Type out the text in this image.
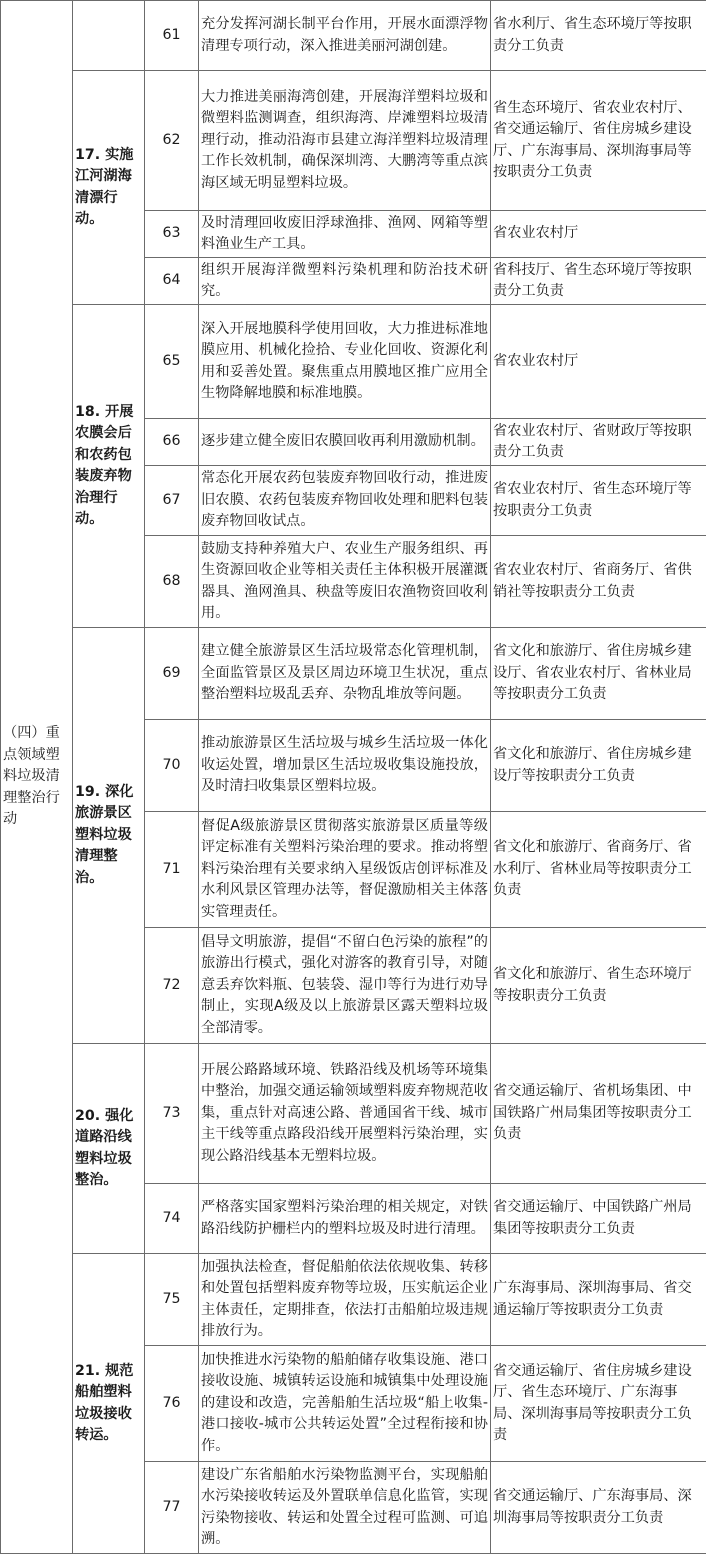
（四）重点领域塑料垃圾清理整治行动		61	充分发挥河湖长制平台作用，开展水面漂浮物清理专项行动，深入推进美丽河湖创建。	省水利厅、省生态环境厅等按职责分工负责
	17. 实施江河湖海清漂行动。	62	大力推进美丽海湾创建，开展海洋塑料垃圾和微塑料监测调查，组织海湾、岸滩塑料垃圾清理行动，推动沿海市县建立海洋塑料垃圾清理工作长效机制，确保深圳湾、大鹏湾等重点滨海区域无明显塑料垃圾。	省生态环境厅、省农业农村厅、省交通运输厅、省住房城乡建设厅、广东海事局、深圳海事局等按职责分工负责
		63	及时清理回收废旧浮球渔排、渔网、网箱等塑料渔业生产工具。	省农业农村厅
		64	组织开展海洋微塑料污染机理和防治技术研究。	省科技厅、省生态环境厅等按职责分工负责
	18. 开展农膜会后和农药包装废弃物治理行动。	65	深入开展地膜科学使用回收，大力推进标准地膜应用、机械化捡拾、专业化回收、资源化利用和妥善处置。聚焦重点用膜地区推广应用全生物降解地膜和标准地膜。	省农业农村厅
		66	逐步建立健全废旧农膜回收再利用激励机制。	省农业农村厅、省财政厅等按职责分工负责
		67	常态化开展农药包装废弃物回收行动，推进废旧农膜、农药包装废弃物回收处理和肥料包装废弃物回收试点。	省农业农村厅、省生态环境厅等按职责分工负责
		68	鼓励支持种养殖大户、农业生产服务组织、再生资源回收企业等相关责任主体积极开展灌溉器具、渔网渔具、秧盘等废旧农渔物资回收利用。	省农业农村厅、省商务厅、省供销社等按职责分工负责
	19. 深化旅游景区塑料垃圾清理整治。	69	建立健全旅游景区生活垃圾常态化管理机制，全面监管景区及景区周边环境卫生状况，重点整治塑料垃圾乱丢弃、杂物乱堆放等问题。	省文化和旅游厅、省住房城乡建设厅、省农业农村厅、省林业局等按职责分工负责
		70	推动旅游景区生活垃圾与城乡生活垃圾一体化收运处置，增加景区生活垃圾收集设施投放，及时清扫收集景区塑料垃圾。	省文化和旅游厅、省住房城乡建设厅等按职责分工负责
		71	督促A级旅游景区贯彻落实旅游景区质量等级评定标准有关塑料污染治理的要求。推动将塑料污染治理有关要求纳入星级饭店创评标准及水利风景区管理办法等，督促激励相关主体落实管理责任。	省文化和旅游厅、省商务厅、省水利厅、省林业局等按职责分工负责
		72	倡导文明旅游，提倡“不留白色污染的旅程”的旅游出行模式，强化对游客的教育引导，对随意丢弃饮料瓶、包装袋、湿巾等行为进行劝导制止，实现A级及以上旅游景区露天塑料垃圾全部清零。	省文化和旅游厅、省生态环境厅等按职责分工负责
	20. 强化道路沿线塑料垃圾整治。	73	开展公路路域环境、铁路沿线及机场等环境集中整治，加强交通运输领域塑料废弃物规范收集，重点针对高速公路、普通国省干线、城市主干线等重点路段沿线开展塑料污染治理，实现公路沿线基本无塑料垃圾。	省交通运输厅、省机场集团、中国铁路广州局集团等按职责分工负责
		74	严格落实国家塑料污染治理的相关规定，对铁路沿线防护栅栏内的塑料垃圾及时进行清理。	省交通运输厅、中国铁路广州局集团等按职责分工负责
	21. 规范船舶塑料垃圾接收转运。	75	加强执法检查，督促船舶依法依规收集、转移和处置包括塑料废弃物等垃圾，压实航运企业主体责任，定期排查，依法打击船舶垃圾违规排放行为。	广东海事局、深圳海事局、省交通运输厅等按职责分工负责
		76	加快推进水污染物的船舶储存收集设施、港口接收设施、城镇转运设施和城镇集中处理设施的建设和改造，完善船舶生活垃圾“船上收集-港口接收-城市公共转运处置”全过程衔接和协作。	省交通运输厅、省住房城乡建设厅、省生态环境厅、广东海事局、深圳海事局等按职责分工负责
		77	建设广东省船舶水污染物监测平台，实现船舶水污染接收转运及外置联单信息化监管，实现污染物接收、转运和处置全过程可监测、可追溯。	省交通运输厅、广东海事局、深圳海事局等按职责分工负责
